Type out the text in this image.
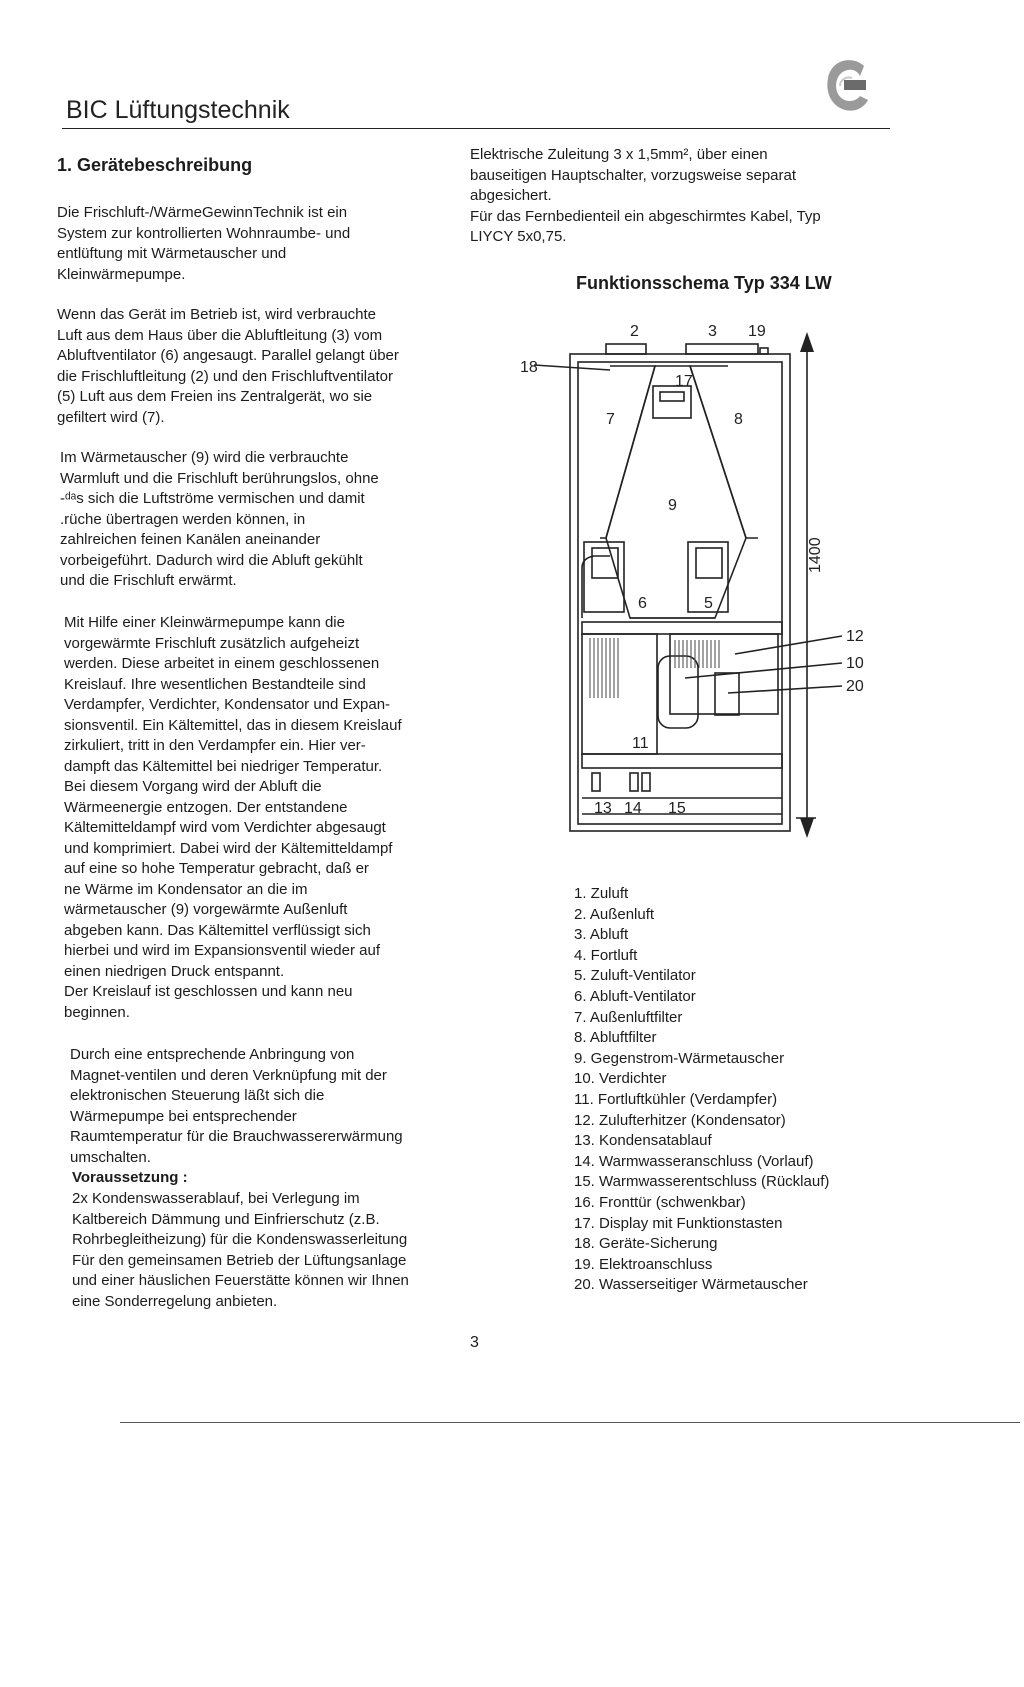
BIC Lüftungstechnik
1. Gerätebeschreibung
Die Frischluft-/WärmeGewinnTechnik ist ein
System zur kontrollierten Wohnraumbe- und
entlüftung mit Wärmetauscher und
Kleinwärmepumpe.
Wenn das Gerät im Betrieb ist, wird verbrauchte
Luft aus dem Haus über die Abluftleitung (3) vom
Abluftventilator (6) angesaugt. Parallel gelangt über
die Frischluftleitung (2) und den Frischluftventilator
(5) Luft aus dem Freien ins Zentralgerät, wo sie
gefiltert wird (7).
Im Wärmetauscher (9) wird die verbrauchte
Warmluft und die Frischluft berührungslos, ohne
-ᵈᵃs sich die Luftströme vermischen und damit
.rüche übertragen werden können, in
zahlreichen feinen Kanälen aneinander
vorbeigeführt. Dadurch wird die Abluft gekühlt
und die Frischluft erwärmt.
Mit Hilfe einer Kleinwärmepumpe kann die
vorgewärmte Frischluft zusätzlich aufgeheizt
werden. Diese arbeitet in einem geschlossenen
Kreislauf. Ihre wesentlichen Bestandteile sind
Verdampfer, Verdichter, Kondensator und Expan-
sionsventil. Ein Kältemittel, das in diesem Kreislauf
zirkuliert, tritt in den Verdampfer ein. Hier ver-
dampft das Kältemittel bei niedriger Temperatur.
Bei diesem Vorgang wird der Abluft die
Wärmeenergie entzogen. Der entstandene
Kältemitteldampf wird vom Verdichter abgesaugt
und komprimiert. Dabei wird der Kältemitteldampf
auf eine so hohe Temperatur gebracht, daß er
ne Wärme im Kondensator an die im
wärmetauscher (9) vorgewärmte Außenluft
abgeben kann. Das Kältemittel verflüssigt sich
hierbei und wird im Expansionsventil wieder auf
einen niedrigen Druck entspannt.
Der Kreislauf ist geschlossen und kann neu
beginnen.
Durch eine entsprechende Anbringung von
Magnet-ventilen und deren Verknüpfung mit der
elektronischen Steuerung läßt sich die
Wärmepumpe bei entsprechender
Raumtemperatur für die Brauchwassererwärmung
umschalten.
Voraussetzung :
2x Kondenswasserablauf, bei Verlegung im
Kaltbereich Dämmung und Einfrierschutz (z.B.
Rohrbegleitheizung) für die Kondenswasserleitung
Für den gemeinsamen Betrieb der Lüftungsanlage
und einer häuslichen Feuerstätte können wir Ihnen
eine Sonderregelung anbieten.
Elektrische Zuleitung 3 x 1,5mm², über einen
bauseitigen Hauptschalter, vorzugsweise separat
abgesichert.
Für das Fernbedienteil ein abgeschirmtes Kabel, Typ
LIYCY 5x0,75.
Funktionsschema Typ 334 LW
2	3 19
18
17
7	8
9
6	5
11
12
10
20
13 14 15
1400
1. Zuluft
2. Außenluft
3. Abluft
4. Fortluft
5. Zuluft-Ventilator
6. Abluft-Ventilator
7. Außenluftfilter
8. Abluftfilter
9. Gegenstrom-Wärmetauscher
10. Verdichter
11. Fortluftkühler (Verdampfer)
12. Zulufterhitzer (Kondensator)
13. Kondensatablauf
14. Warmwasseranschluss (Vorlauf)
15. Warmwasserentschluss (Rücklauf)
16. Fronttür (schwenkbar)
17. Display mit Funktionstasten
18. Geräte-Sicherung
19. Elektroanschluss
20. Wasserseitiger Wärmetauscher
3
